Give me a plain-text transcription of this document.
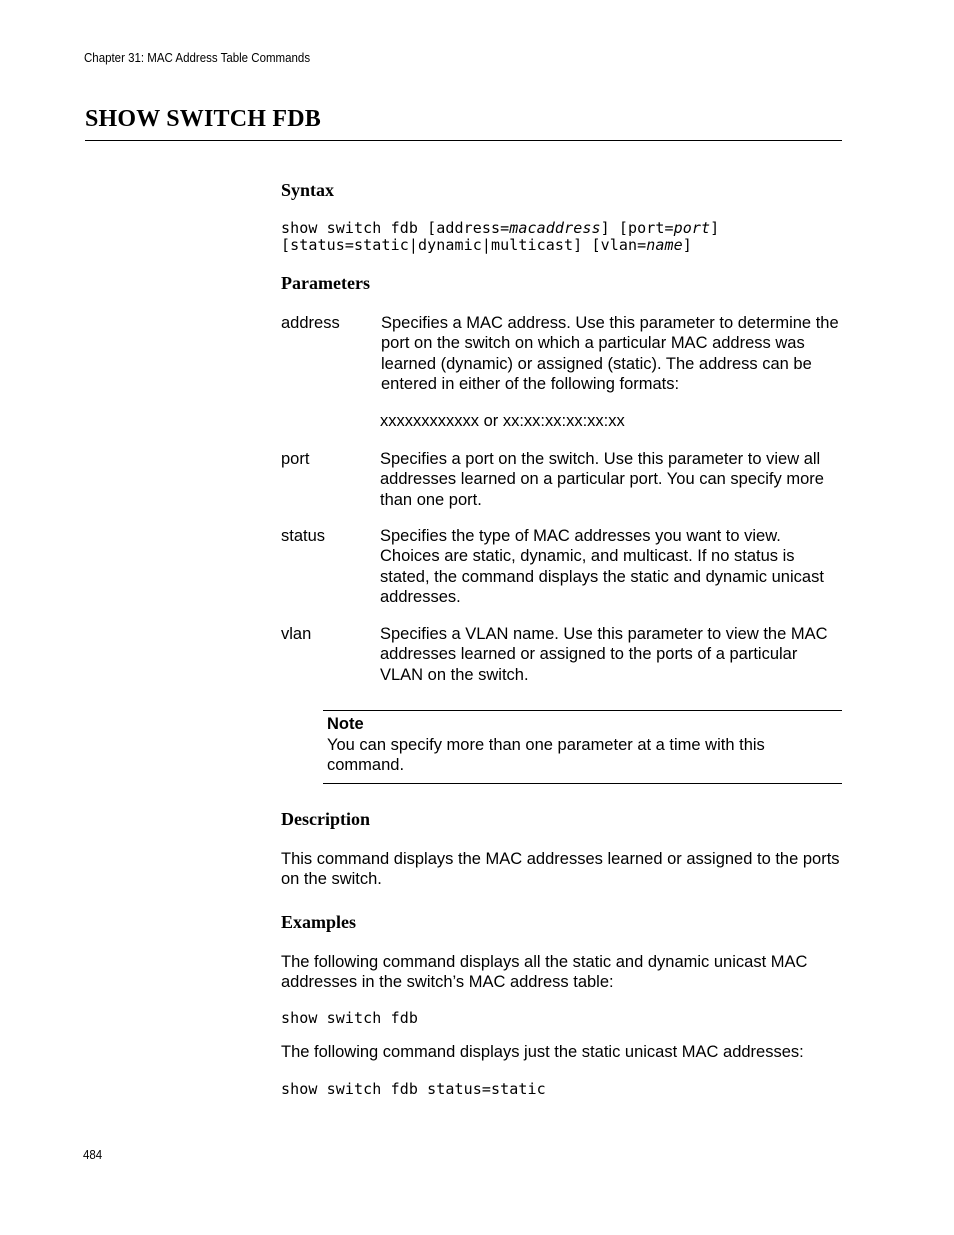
Chapter 31: MAC Address Table Commands
SHOW SWITCH FDB
Syntax
show switch fdb [address=macaddress] [port=port]
[status=static|dynamic|multicast] [vlan=name]
Parameters
address	Specifies a MAC address. Use this parameter to determine the port on the switch on which a particular MAC address was learned (dynamic) or assigned (static). The address can be entered in either of the following formats:
xxxxxxxxxxxx or xx:xx:xx:xx:xx:xx
port	Specifies a port on the switch. Use this parameter to view all addresses learned on a particular port. You can specify more than one port.
status	Specifies the type of MAC addresses you want to view. Choices are static, dynamic, and multicast. If no status is stated, the command displays the static and dynamic unicast addresses.
vlan	Specifies a VLAN name. Use this parameter to view the MAC addresses learned or assigned to the ports of a particular VLAN on the switch.
Note
You can specify more than one parameter at a time with this command.
Description
This command displays the MAC addresses learned or assigned to the ports on the switch.
Examples
The following command displays all the static and dynamic unicast MAC addresses in the switch’s MAC address table:
show switch fdb
The following command displays just the static unicast MAC addresses:
show switch fdb status=static
484
